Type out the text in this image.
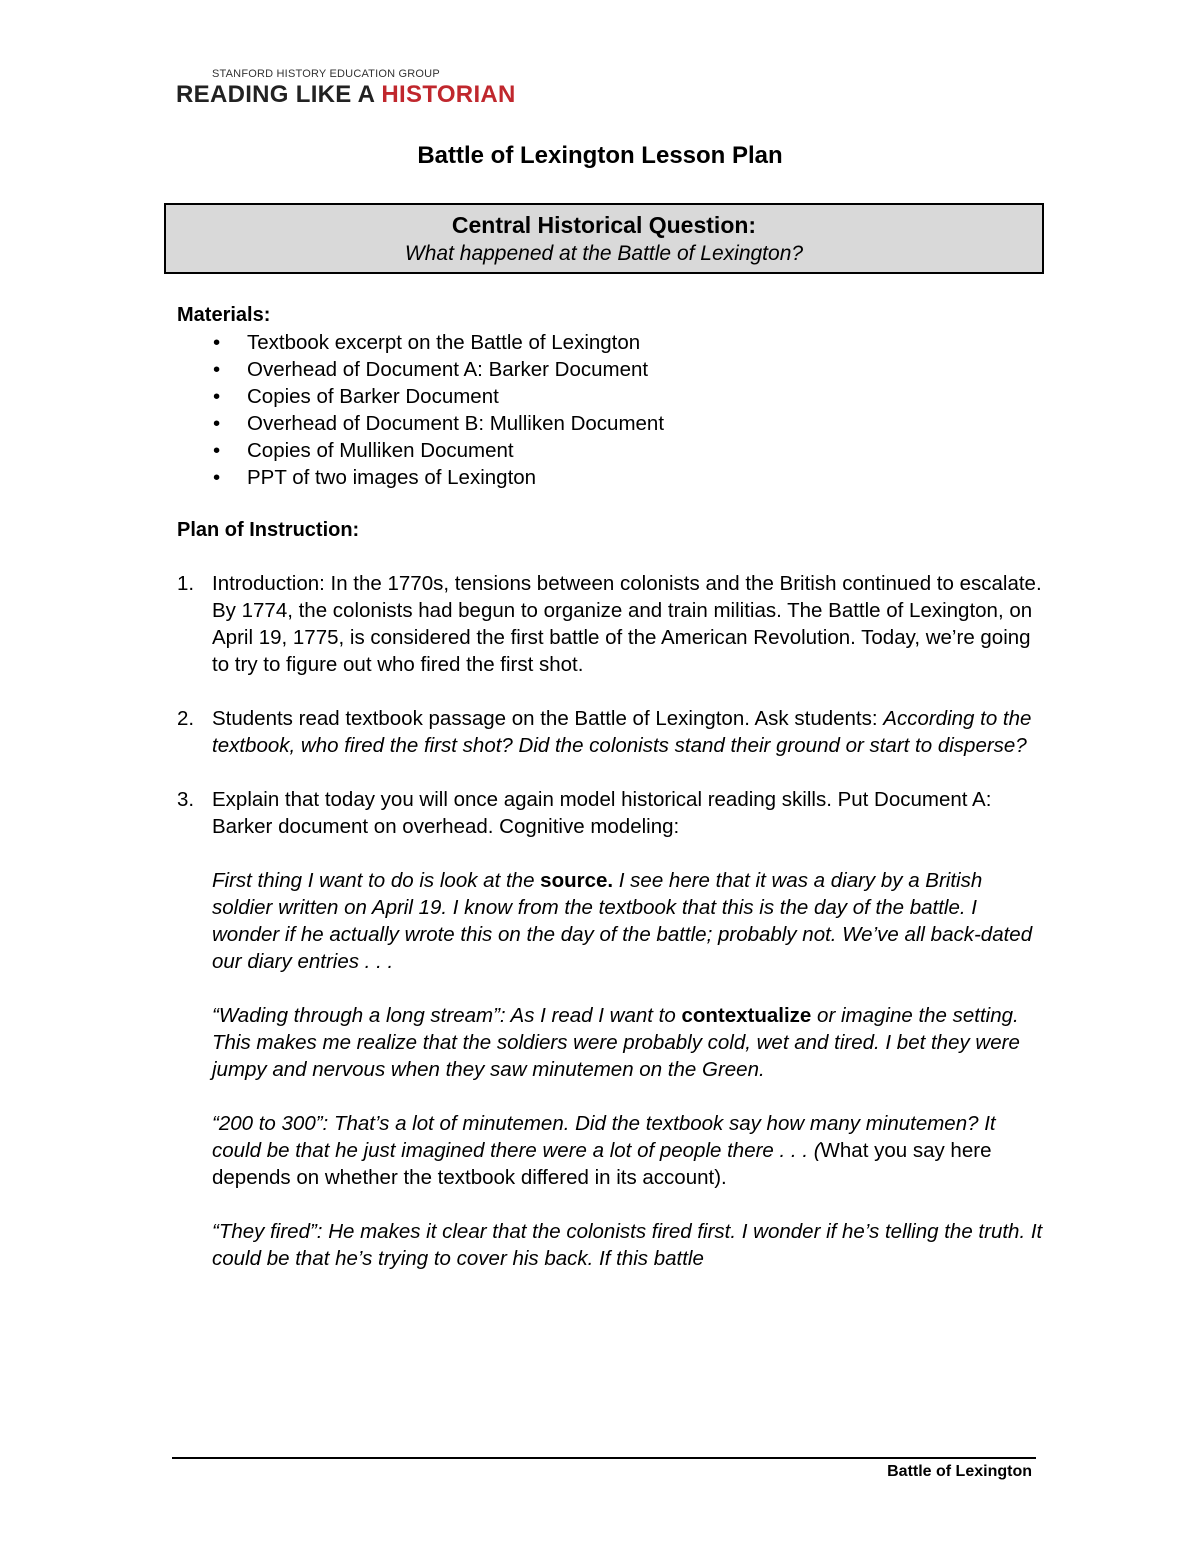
STANFORD HISTORY EDUCATION GROUP
READING LIKE A HISTORIAN
Battle of Lexington Lesson Plan
Central Historical Question:
What happened at the Battle of Lexington?
Materials:
• Textbook excerpt on the Battle of Lexington
• Overhead of Document A: Barker Document
• Copies of Barker Document
• Overhead of Document B: Mulliken Document
• Copies of Mulliken Document
• PPT of two images of Lexington
Plan of Instruction:
1. Introduction: In the 1770s, tensions between colonists and the British continued to escalate. By 1774, the colonists had begun to organize and train militias. The Battle of Lexington, on April 19, 1775, is considered the first battle of the American Revolution. Today, we’re going to try to figure out who fired the first shot.
2. Students read textbook passage on the Battle of Lexington. Ask students: According to the textbook, who fired the first shot? Did the colonists stand their ground or start to disperse?
3. Explain that today you will once again model historical reading skills. Put Document A: Barker document on overhead. Cognitive modeling:
First thing I want to do is look at the source. I see here that it was a diary by a British soldier written on April 19. I know from the textbook that this is the day of the battle. I wonder if he actually wrote this on the day of the battle; probably not. We’ve all back-dated our diary entries . . .
“Wading through a long stream”: As I read I want to contextualize or imagine the setting. This makes me realize that the soldiers were probably cold, wet and tired. I bet they were jumpy and nervous when they saw minutemen on the Green.
“200 to 300”: That’s a lot of minutemen. Did the textbook say how many minutemen? It could be that he just imagined there were a lot of people there . . . (What you say here depends on whether the textbook differed in its account).
“They fired”: He makes it clear that the colonists fired first. I wonder if he’s telling the truth. It could be that he’s trying to cover his back. If this battle
Battle of Lexington
